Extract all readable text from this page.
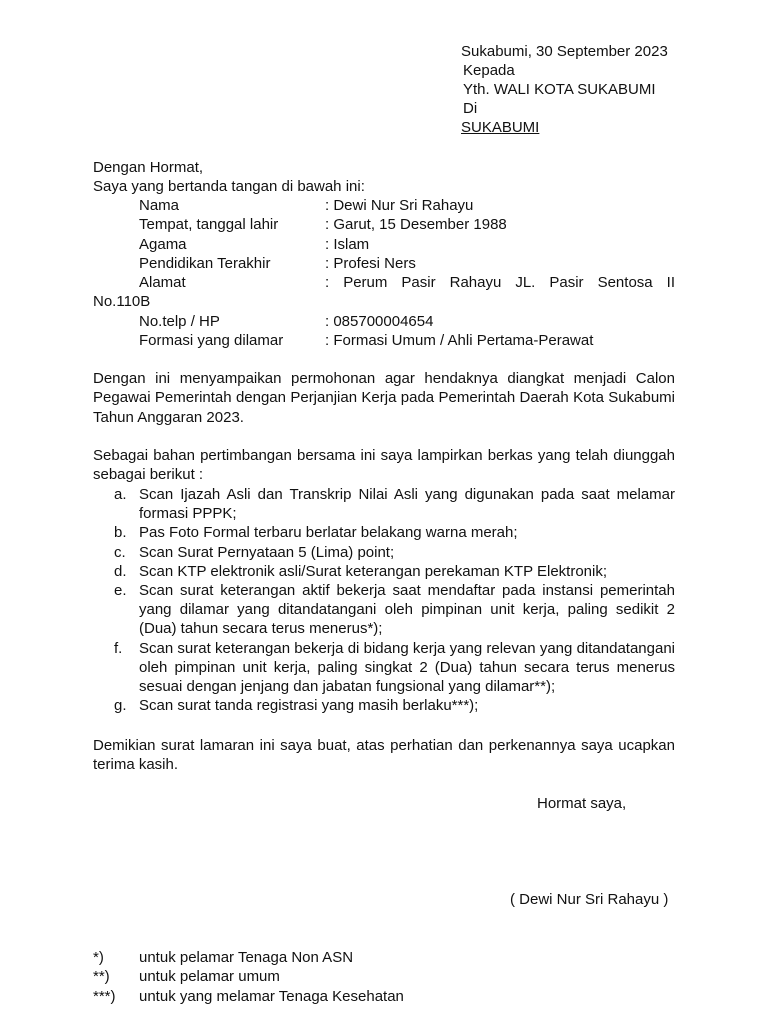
Sukabumi, 30 September 2023
Kepada
Yth. WALI KOTA SUKABUMI
Di
SUKABUMI
Dengan Hormat,
Saya yang bertanda tangan di bawah ini:
Nama	: Dewi Nur Sri Rahayu
Tempat, tanggal lahir	: Garut, 15 Desember 1988
Agama	: Islam
Pendidikan Terakhir	: Profesi Ners
Alamat	: Perum Pasir Rahayu JL. Pasir Sentosa II
No.110B
No.telp / HP	: 085700004654
Formasi yang dilamar	: Formasi Umum / Ahli Pertama-Perawat
Dengan ini menyampaikan permohonan agar hendaknya diangkat menjadi Calon Pegawai Pemerintah dengan Perjanjian Kerja pada Pemerintah Daerah Kota Sukabumi Tahun Anggaran 2023.
Sebagai bahan pertimbangan bersama ini saya lampirkan berkas yang telah diunggah sebagai berikut :
a. Scan Ijazah Asli dan Transkrip Nilai Asli yang digunakan pada saat melamar formasi PPPK;
b. Pas Foto Formal terbaru berlatar belakang warna merah;
c. Scan Surat Pernyataan 5 (Lima) point;
d. Scan KTP elektronik asli/Surat keterangan perekaman KTP Elektronik;
e. Scan surat keterangan aktif bekerja saat mendaftar pada instansi pemerintah yang dilamar yang ditandatangani oleh pimpinan unit kerja, paling sedikit 2 (Dua) tahun secara terus menerus*);
f. Scan surat keterangan bekerja di bidang kerja yang relevan yang ditandatangani oleh pimpinan unit kerja, paling singkat 2 (Dua) tahun secara terus menerus sesuai dengan jenjang dan jabatan fungsional yang dilamar**);
g. Scan surat tanda registrasi yang masih berlaku***);
Demikian surat lamaran ini saya buat, atas perhatian dan perkenannya saya ucapkan terima kasih.
Hormat saya,
( Dewi Nur Sri Rahayu )
*) untuk pelamar Tenaga Non ASN
**) untuk pelamar umum
***) untuk yang melamar Tenaga Kesehatan
